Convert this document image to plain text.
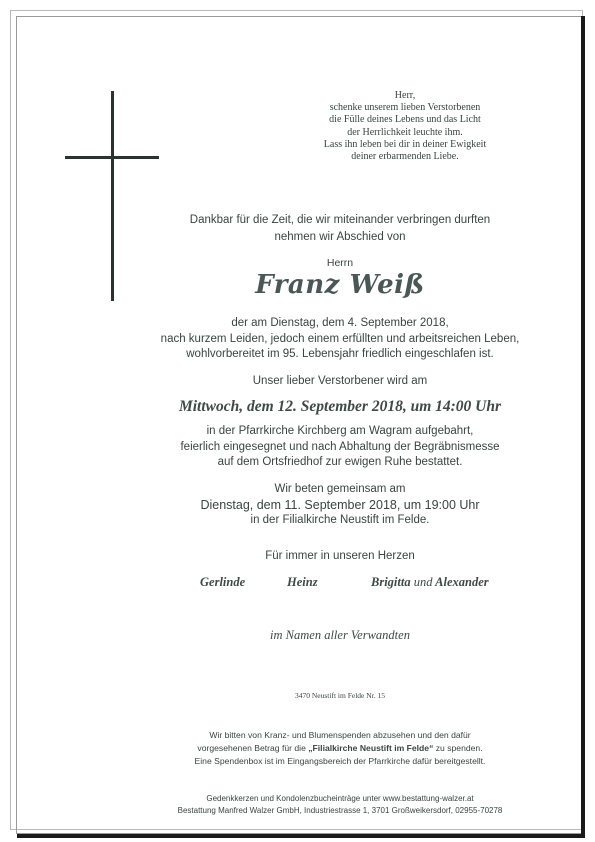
Herr,
schenke unserem lieben Verstorbenen
die Fülle deines Lebens und das Licht
der Herrlichkeit leuchte ihm.
Lass ihn leben bei dir in deiner Ewigkeit
deiner erbarmenden Liebe.
Dankbar für die Zeit, die wir miteinander verbringen durften
nehmen wir Abschied von
Herrn
Franz Weiß
der am Dienstag, dem 4. September 2018,
nach kurzem Leiden, jedoch einem erfüllten und arbeitsreichen Leben,
wohlvorbereitet im 95. Lebensjahr friedlich eingeschlafen ist.
Unser lieber Verstorbener wird am
Mittwoch, dem 12. September 2018, um 14:00 Uhr
in der Pfarrkirche Kirchberg am Wagram aufgebahrt,
feierlich eingesegnet und nach Abhaltung der Begräbnismesse
auf dem Ortsfriedhof zur ewigen Ruhe bestattet.
Wir beten gemeinsam am
Dienstag, dem 11. September 2018, um 19:00 Uhr
in der Filialkirche Neustift im Felde.
Für immer in unseren Herzen
Gerlinde	Heinz	Brigitta und Alexander
im Namen aller Verwandten
3470 Neustift im Felde Nr. 15
Wir bitten von Kranz- und Blumenspenden abzusehen und den dafür
vorgesehenen Betrag für die „Filialkirche Neustift im Felde“ zu spenden.
Eine Spendenbox ist im Eingangsbereich der Pfarrkirche dafür bereitgestellt.
Gedenkkerzen und Kondolenzbucheinträge unter www.bestattung-walzer.at
Bestattung Manfred Walzer GmbH, Industriestrasse 1, 3701 Großweikersdorf, 02955-70278
